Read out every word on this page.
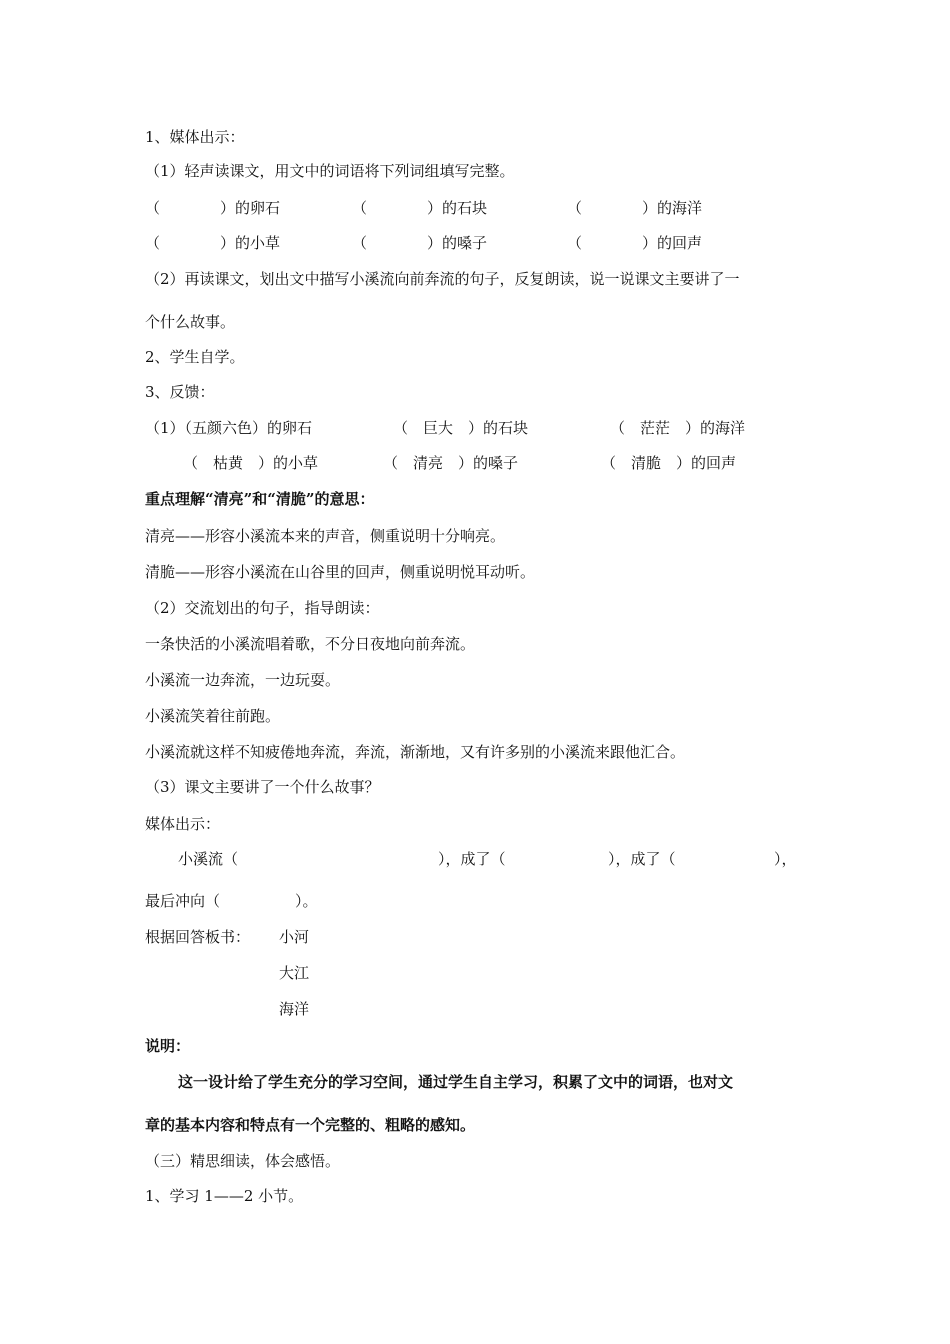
1、媒体出示：
（1）轻声读课文，用文中的词语将下列词组填写完整。
（　　　　）的卵石	（　　　　）的石块	（　　　　）的海洋
（　　　　）的小草	（　　　　）的嗓子	（　　　　）的回声
（2）再读课文，划出文中描写小溪流向前奔流的句子，反复朗读，说一说课文主要讲了一
个什么故事。
2、学生自学。
3、反馈：
（1）（五颜六色）的卵石	（　巨大　）的石块	（　茫茫　）的海洋
（　枯黄　）的小草	（　清亮　）的嗓子	（　清脆　）的回声
重点理解“清亮”和“清脆”的意思：
清亮——形容小溪流本来的声音，侧重说明十分响亮。
清脆——形容小溪流在山谷里的回声，侧重说明悦耳动听。
（2）交流划出的句子，指导朗读：
一条快活的小溪流唱着歌，不分日夜地向前奔流。
小溪流一边奔流，一边玩耍。
小溪流笑着往前跑。
小溪流就这样不知疲倦地奔流，奔流，渐渐地，又有许多别的小溪流来跟他汇合。
（3）课文主要讲了一个什么故事？
媒体出示：
小溪流（	），成了（	），成了（	），
最后冲向（　　　　　）。
根据回答板书： 小河
大江
海洋
说明：
这一设计给了学生充分的学习空间，通过学生自主学习，积累了文中的词语，也对文
章的基本内容和特点有一个完整的、粗略的感知。
（三）精思细读，体会感悟。
1、学习 1——2 小节。
